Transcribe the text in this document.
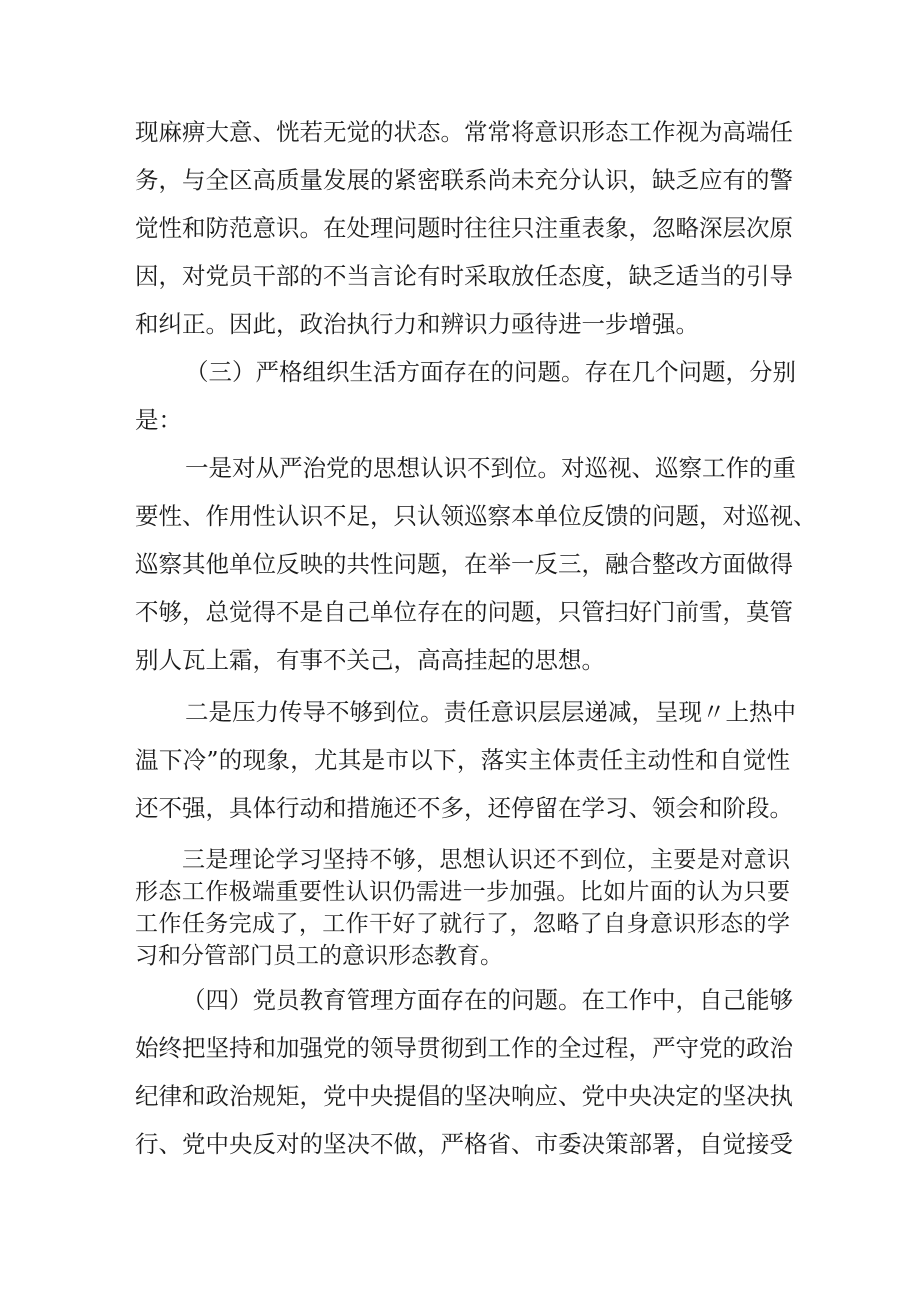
现麻痹大意、恍若无觉的状态。常常将意识形态工作视为高端任
务，与全区高质量发展的紧密联系尚未充分认识，缺乏应有的警
觉性和防范意识。在处理问题时往往只注重表象，忽略深层次原
因，对党员干部的不当言论有时采取放任态度，缺乏适当的引导
和纠正。因此，政治执行力和辨识力亟待进一步增强。
（三）严格组织生活方面存在的问题。存在几个问题，分别
是：
一是对从严治党的思想认识不到位。对巡视、巡察工作的重
要性、作用性认识不足，只认领巡察本单位反馈的问题，对巡视、
巡察其他单位反映的共性问题，在举一反三，融合整改方面做得
不够，总觉得不是自己单位存在的问题，只管扫好门前雪，莫管
别人瓦上霜，有事不关己，高高挂起的思想。
二是压力传导不够到位。责任意识层层递减，呈现〃上热中
温下冷”的现象，尤其是市以下，落实主体责任主动性和自觉性
还不强，具体行动和措施还不多，还停留在学习、领会和阶段。
三是理论学习坚持不够，思想认识还不到位，主要是对意识
形态工作极端重要性认识仍需进一步加强。比如片面的认为只要
工作任务完成了，工作干好了就行了，忽略了自身意识形态的学
习和分管部门员工的意识形态教育。
（四）党员教育管理方面存在的问题。在工作中，自己能够
始终把坚持和加强党的领导贯彻到工作的全过程，严守党的政治
纪律和政治规矩，党中央提倡的坚决响应、党中央决定的坚决执
行、党中央反对的坚决不做，严格省、市委决策部署，自觉接受
